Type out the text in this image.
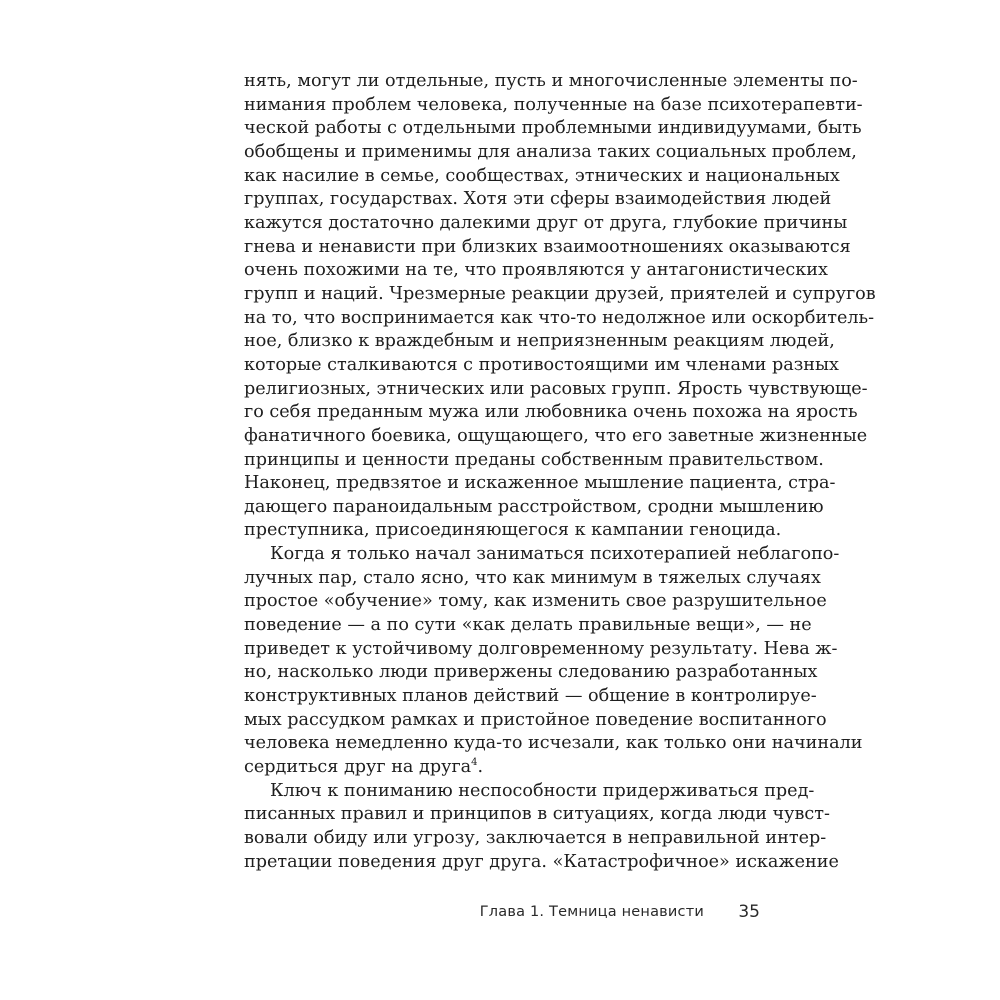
нять, могут ли отдельные, пусть и многочисленные элементы по-
нимания проблем человека, полученные на базе психотерапевти-
ческой работы с отдельными проблемными индивидуумами, быть
обобщены и применимы для анализа таких социальных проблем,
как насилие в семье, сообществах, этнических и национальных
группах, государствах. Хотя эти сферы взаимодействия людей
кажутся достаточно далекими друг от друга, глубокие причины
гнева и ненависти при близких взаимоотношениях оказываются
очень похожими на те, что проявляются у антагонистических
групп и наций. Чрезмерные реакции друзей, приятелей и супругов
на то, что воспринимается как что-то недолжное или оскорбитель-
ное, близко к враждебным и неприязненным реакциям людей,
которые сталкиваются с противостоящими им членами разных
религиозных, этнических или расовых групп. Ярость чувствующе-
го себя преданным мужа или любовника очень похожа на ярость
фанатичного боевика, ощущающего, что его заветные жизненные
принципы и ценности преданы собственным правительством.
Наконец, предвзятое и искаженное мышление пациента, стра-
дающего параноидальным расстройством, сродни мышлению
преступника, присоединяющегося к кампании геноцида.
Когда я только начал заниматься психотерапией неблагопо-
лучных пар, стало ясно, что как минимум в тяжелых случаях
простое «обучение» тому, как изменить свое разрушительное
поведение — а по сути «как делать правильные вещи», — не
приведет к устойчивому долговременному результату. Нева ж-
но, насколько люди привержены следованию разработанных
конструктивных планов действий — общение в контролируе-
мых рассудком рамках и пристойное поведение воспитанного
человека немедленно куда-то исчезали, как только они начинали
сердиться друг на друга$^4$.
Ключ к пониманию неспособности придерживаться пред-
писанных правил и принципов в ситуациях, когда люди чувст-
вовали обиду или угрозу, заключается в неправильной интер-
претации поведения друг друга. «Катастрофичное» искажение
Глава 1. Темница ненависти 35
